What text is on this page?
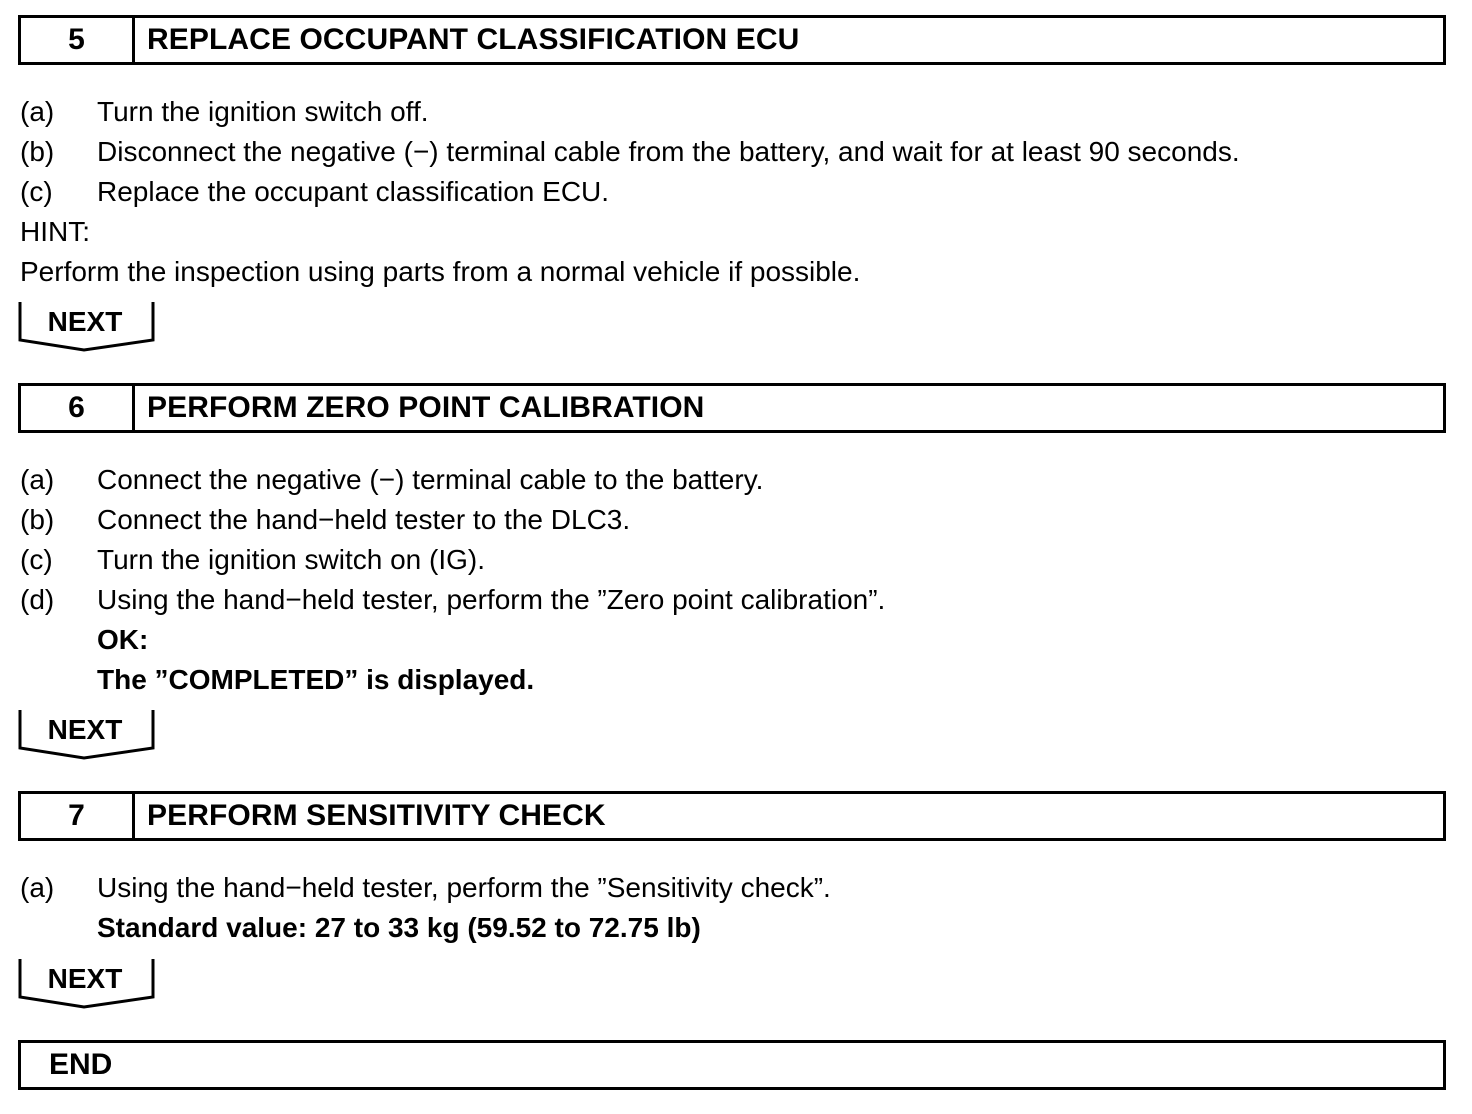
5	REPLACE OCCUPANT CLASSIFICATION ECU
(a) Turn the ignition switch off.
(b) Disconnect the negative (−) terminal cable from the battery, and wait for at least 90 seconds.
(c) Replace the occupant classification ECU.
HINT:
Perform the inspection using parts from a normal vehicle if possible.
NEXT
6	PERFORM ZERO POINT CALIBRATION
(a) Connect the negative (−) terminal cable to the battery.
(b) Connect the hand−held tester to the DLC3.
(c) Turn the ignition switch on (IG).
(d) Using the hand−held tester, perform the ”Zero point calibration”.
OK:
The ”COMPLETED” is displayed.
NEXT
7	PERFORM SENSITIVITY CHECK
(a) Using the hand−held tester, perform the ”Sensitivity check”.
Standard value: 27 to 33 kg (59.52 to 72.75 lb)
NEXT
END
